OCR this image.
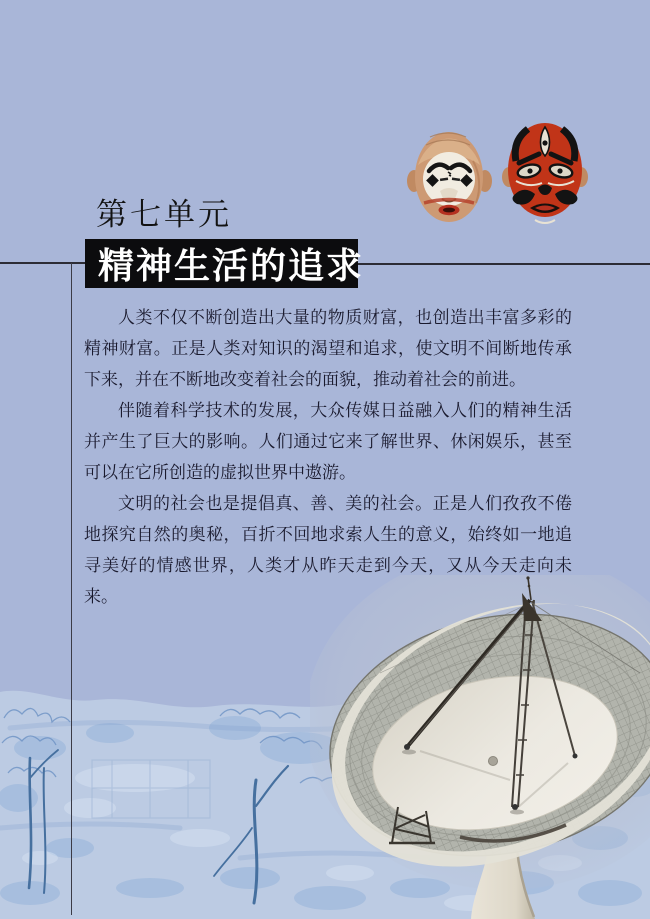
第七单元
精神生活的追求

人类不仅不断创造出大量的物质财富，也创造出丰富多彩的精神财富。正是人类对知识的渴望和追求，使文明不间断地传承下来，并在不断地改变着社会的面貌，推动着社会的前进。

伴随着科学技术的发展，大众传媒日益融入人们的精神生活并产生了巨大的影响。人们通过它来了解世界、休闲娱乐，甚至可以在它所创造的虚拟世界中遨游。

文明的社会也是提倡真、善、美的社会。正是人们孜孜不倦地探究自然的奥秘，百折不回地求索人生的意义，始终如一地追寻美好的情感世界，人类才从昨天走到今天，又从今天走向未来。
